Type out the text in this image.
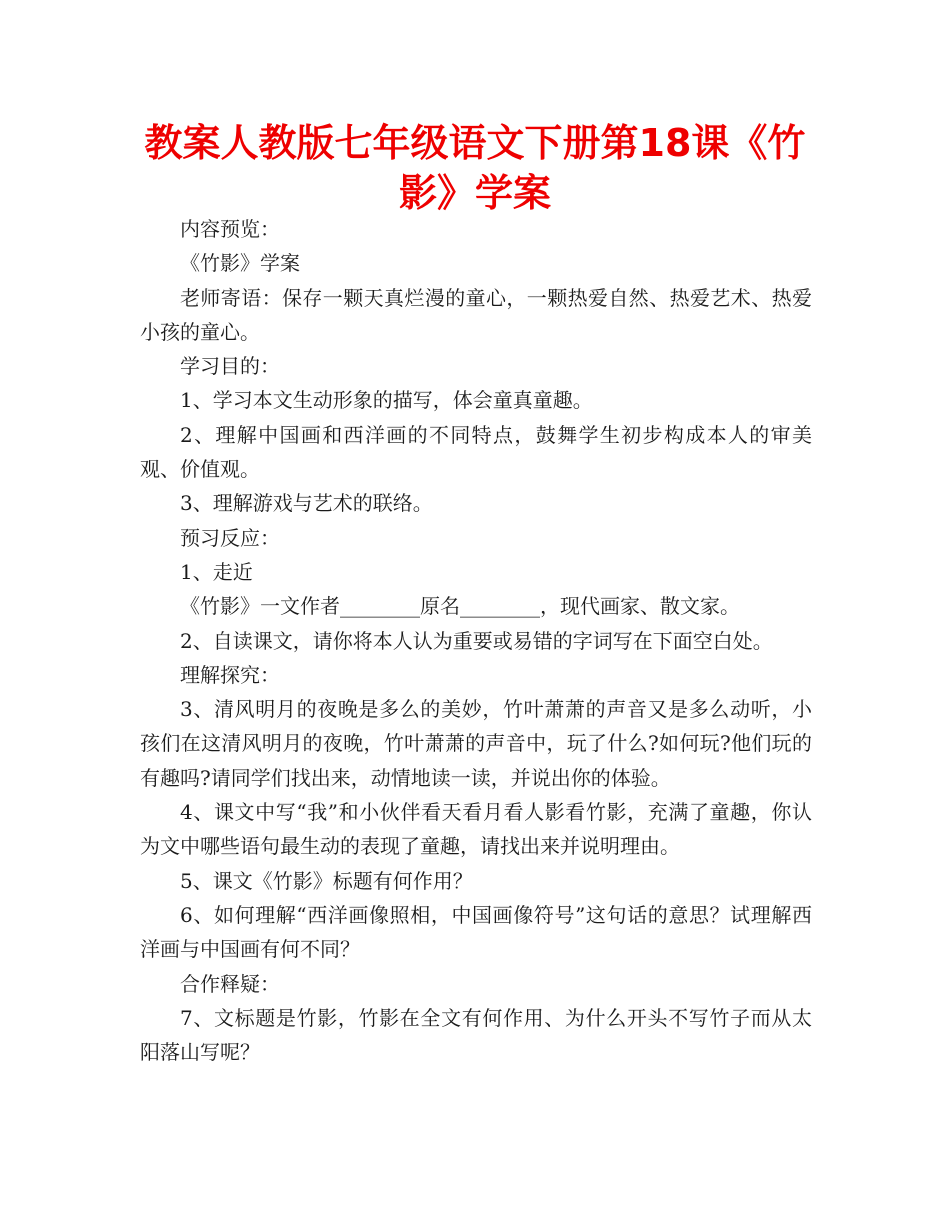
教案人教版七年级语文下册第18课《竹
影》学案

内容预览：

《竹影》学案

老师寄语：保存一颗天真烂漫的童心，一颗热爱自然、热爱艺术、热爱小孩的童心。

学习目的：

1、学习本文生动形象的描写，体会童真童趣。

2、理解中国画和西洋画的不同特点，鼓舞学生初步构成本人的审美观、价值观。

3、理解游戏与艺术的联络。

预习反应：

1、走近

《竹影》一文作者________原名________，现代画家、散文家。

2、自读课文，请你将本人认为重要或易错的字词写在下面空白处。

理解探究：

3、清风明月的夜晚是多么的美妙，竹叶萧萧的声音又是多么动听，小孩们在这清风明月的夜晚，竹叶萧萧的声音中，玩了什么?如何玩?他们玩的有趣吗?请同学们找出来，动情地读一读，并说出你的体验。

4、课文中写“我”和小伙伴看天看月看人影看竹影，充满了童趣，你认为文中哪些语句最生动的表现了童趣，请找出来并说明理由。

5、课文《竹影》标题有何作用？

6、如何理解“西洋画像照相，中国画像符号”这句话的意思？试理解西洋画与中国画有何不同？

合作释疑：

7、文标题是竹影，竹影在全文有何作用、为什么开头不写竹子而从太阳落山写呢？
